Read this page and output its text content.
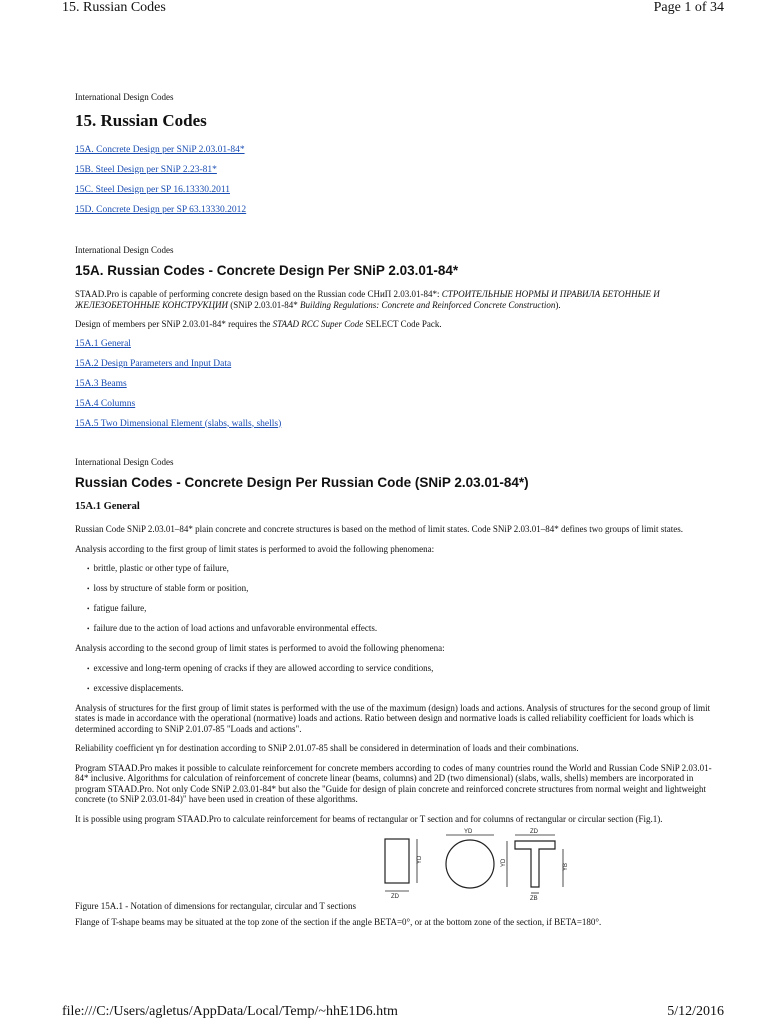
15. Russian Codes	Page 1 of 34

International Design Codes

15. Russian Codes
15A. Concrete Design per SNiP 2.03.01-84*
15B. Steel Design per SNiP 2.23-81*
15C. Steel Design per SP 16.13330.2011
15D. Concrete Design per SP 63.13330.2012

International Design Codes

15A. Russian Codes - Concrete Design Per SNiP 2.03.01-84*

STAAD.Pro is capable of performing concrete design based on the Russian code СНиП 2.03.01-84*: СТРОИТЕЛЬНЫЕ НОРМЫ И ПРАВИЛА БЕТОННЫЕ И ЖЕЛЕЗОБЕТОННЫЕ КОНСТРУКЦИИ (SNiP 2.03.01-84* Building Regulations: Concrete and Reinforced Concrete Construction).

Design of members per SNiP 2.03.01-84* requires the STAAD RCC Super Code SELECT Code Pack.

15A.1 General
15A.2 Design Parameters and Input Data
15A.3 Beams
15A.4 Columns
15A.5 Two Dimensional Element (slabs, walls, shells)

International Design Codes

Russian Codes - Concrete Design Per Russian Code (SNiP 2.03.01-84*)
15A.1 General

Russian Code SNiP 2.03.01–84* plain concrete and concrete structures is based on the method of limit states. Code SNiP 2.03.01–84* defines two groups of limit states.

Analysis according to the first group of limit states is performed to avoid the following phenomena:

• brittle, plastic or other type of failure,
• loss by structure of stable form or position,
• fatigue failure,
• failure due to the action of load actions and unfavorable environmental effects.

Analysis according to the second group of limit states is performed to avoid the following phenomena:

• excessive and long-term opening of cracks if they are allowed according to service conditions,
• excessive displacements.

Analysis of structures for the first group of limit states is performed with the use of the maximum (design) loads and actions. Analysis of structures for the second group of limit states is made in accordance with the operational (normative) loads and actions. Ratio between design and normative loads is called reliability coefficient for loads which is determined according to SNiP 2.01.07-85 "Loads and actions".

Reliability coefficient γn for destination according to SNiP 2.01.07-85 shall be considered in determination of loads and their combinations.

Program STAAD.Pro makes it possible to calculate reinforcement for concrete members according to codes of many countries round the World and Russian Code SNiP 2.03.01-84* inclusive. Algorithms for calculation of reinforcement of concrete linear (beams, columns) and 2D (two dimensional) (slabs, walls, shells) members are incorporated in program STAAD.Pro. Not only Code SNiP 2.03.01-84* but also the "Guide for design of plain concrete and reinforced concrete structures from normal weight and lightweight concrete (to SNiP 2.03.01-84)" have been used in creation of these algorithms.

It is possible using program STAAD.Pro to calculate reinforcement for beams of rectangular or T section and for columns of rectangular or circular section (Fig.1).

YD
ZD
YD	ZD
YD	YB
ZB
Figure 15A.1 - Notation of dimensions for rectangular, circular and T sections

Flange of T-shape beams may be situated at the top zone of the section if the angle BETA=0°, or at the bottom zone of the section, if BETA=180°.

file:///C:/Users/agletus/AppData/Local/Temp/~hhE1D6.htm	5/12/2016
